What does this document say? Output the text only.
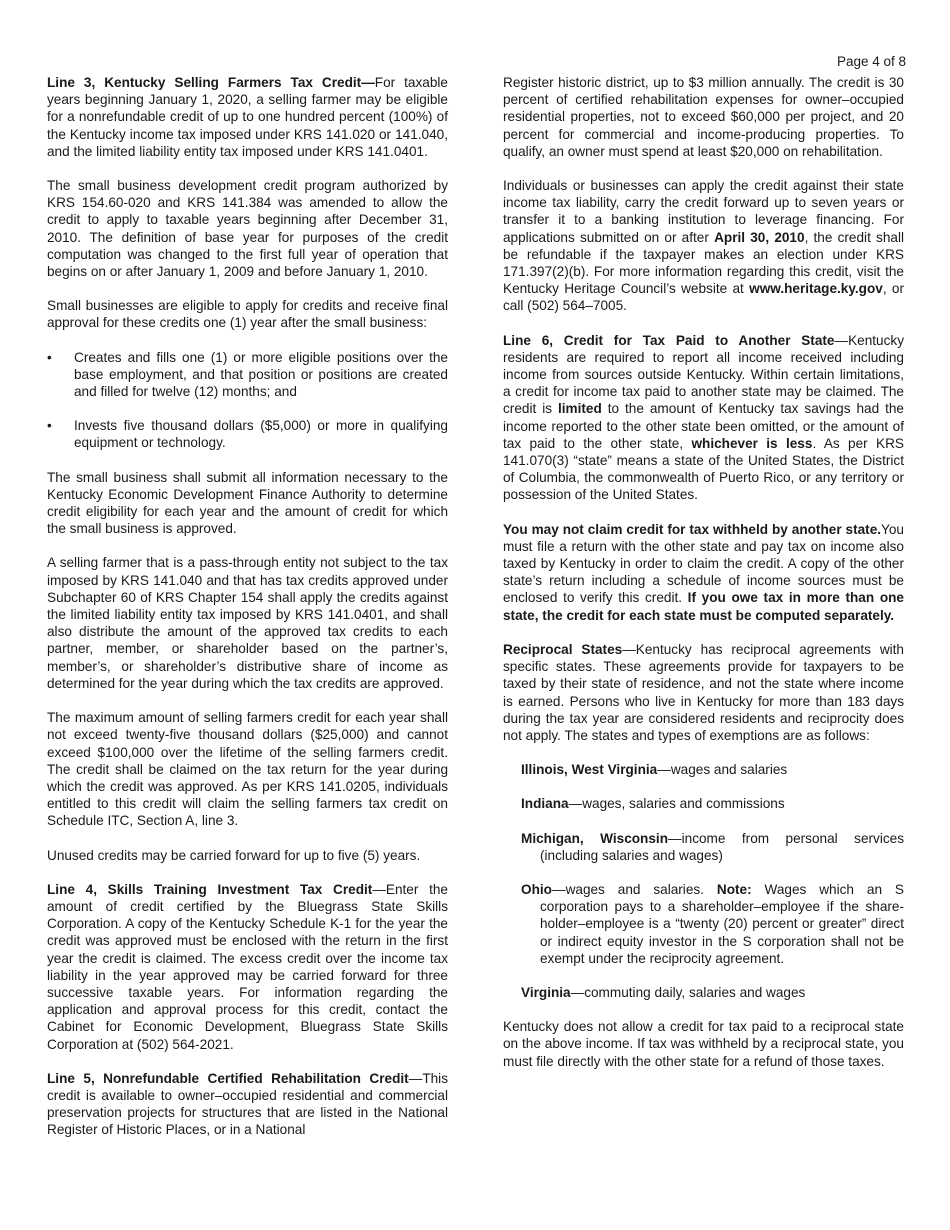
Page 4 of 8

Line 3, Kentucky Selling Farmers Tax Credit—For taxable years beginning January 1, 2020, a selling farmer may be eligible for a nonrefundable credit of up to one hundred percent (100%) of the Kentucky income tax imposed under KRS 141.020 or 141.040, and the limited liability entity tax imposed under KRS 141.0401.

The small business development credit program authorized by KRS 154.60-020 and KRS 141.384 was amended to allow the credit to apply to taxable years beginning after December 31, 2010. The definition of base year for purposes of the credit computation was changed to the first full year of operation that begins on or after January 1, 2009 and before January 1, 2010.

Small businesses are eligible to apply for credits and receive final approval for these credits one (1) year after the small business:

• Creates and fills one (1) or more eligible positions over the base employment, and that position or positions are created and filled for twelve (12) months; and
• Invests five thousand dollars ($5,000) or more in qualifying equipment or technology.

The small business shall submit all information necessary to the Kentucky Economic Development Finance Authority to determine credit eligibility for each year and the amount of credit for which the small business is approved.

A selling farmer that is a pass-through entity not subject to the tax imposed by KRS 141.040 and that has tax credits approved under Subchapter 60 of KRS Chapter 154 shall apply the credits against the limited liability entity tax imposed by KRS 141.0401, and shall also distribute the amount of the approved tax credits to each partner, member, or shareholder based on the partner’s, member’s, or shareholder’s distributive share of income as determined for the year during which the tax credits are approved.

The maximum amount of selling farmers credit for each year shall not exceed twenty-five thousand dollars ($25,000) and cannot exceed $100,000 over the lifetime of the selling farmers credit. The credit shall be claimed on the tax return for the year during which the credit was approved. As per KRS 141.0205, individuals entitled to this credit will claim the selling farmers tax credit on Schedule ITC, Section A, line 3.

Unused credits may be carried forward for up to five (5) years.

Line 4, Skills Training Investment Tax Credit—Enter the amount of credit certified by the Bluegrass State Skills Corporation. A copy of the Kentucky Schedule K-1 for the year the credit was approved must be enclosed with the return in the first year the credit is claimed. The excess credit over the income tax liability in the year approved may be carried forward for three successive taxable years. For information regarding the application and approval process for this credit, contact the Cabinet for Economic Development, Bluegrass State Skills Corporation at (502) 564-2021.

Line 5, Nonrefundable Certified Rehabilitation Credit—This credit is available to owner–occupied residential and commercial preservation projects for structures that are listed in the National Register of Historic Places, or in a National

Register historic district, up to $3 million annually. The credit is 30 percent of certified rehabilitation expenses for owner–occupied residential properties, not to exceed $60,000 per project, and 20 percent for commercial and income-producing properties. To qualify, an owner must spend at least $20,000 on rehabilitation.

Individuals or businesses can apply the credit against their state income tax liability, carry the credit forward up to seven years or transfer it to a banking institution to leverage financing. For applications submitted on or after April 30, 2010, the credit shall be refundable if the taxpayer makes an election under KRS 171.397(2)(b). For more information regarding this credit, visit the Kentucky Heritage Council’s website at www.heritage.ky.gov, or call (502) 564–7005.

Line 6, Credit for Tax Paid to Another State—Kentucky residents are required to report all income received including income from sources outside Kentucky. Within certain limitations, a credit for income tax paid to another state may be claimed. The credit is limited to the amount of Kentucky tax savings had the income reported to the other state been omitted, or the amount of tax paid to the other state, whichever is less. As per KRS 141.070(3) “state” means a state of the United States, the District of Columbia, the commonwealth of Puerto Rico, or any territory or possession of the United States.

You may not claim credit for tax withheld by another state.You must file a return with the other state and pay tax on income also taxed by Kentucky in order to claim the credit. A copy of the other state’s return including a schedule of income sources must be enclosed to verify this credit. If you owe tax in more than one state, the credit for each state must be computed separately.

Reciprocal States—Kentucky has reciprocal agreements with specific states. These agreements provide for taxpayers to be taxed by their state of residence, and not the state where income is earned. Persons who live in Kentucky for more than 183 days during the tax year are considered residents and reciprocity does not apply. The states and types of exemptions are as follows:

Illinois, West Virginia—wages and salaries
Indiana—wages, salaries and commissions
Michigan, Wisconsin—income from personal services (including salaries and wages)
Ohio—wages and salaries. Note: Wages which an S corporation pays to a shareholder–employee if the share-holder–employee is a “twenty (20) percent or greater” direct or indirect equity investor in the S corporation shall not be exempt under the reciprocity agreement.
Virginia—commuting daily, salaries and wages

Kentucky does not allow a credit for tax paid to a reciprocal state on the above income. If tax was withheld by a reciprocal state, you must file directly with the other state for a refund of those taxes.
